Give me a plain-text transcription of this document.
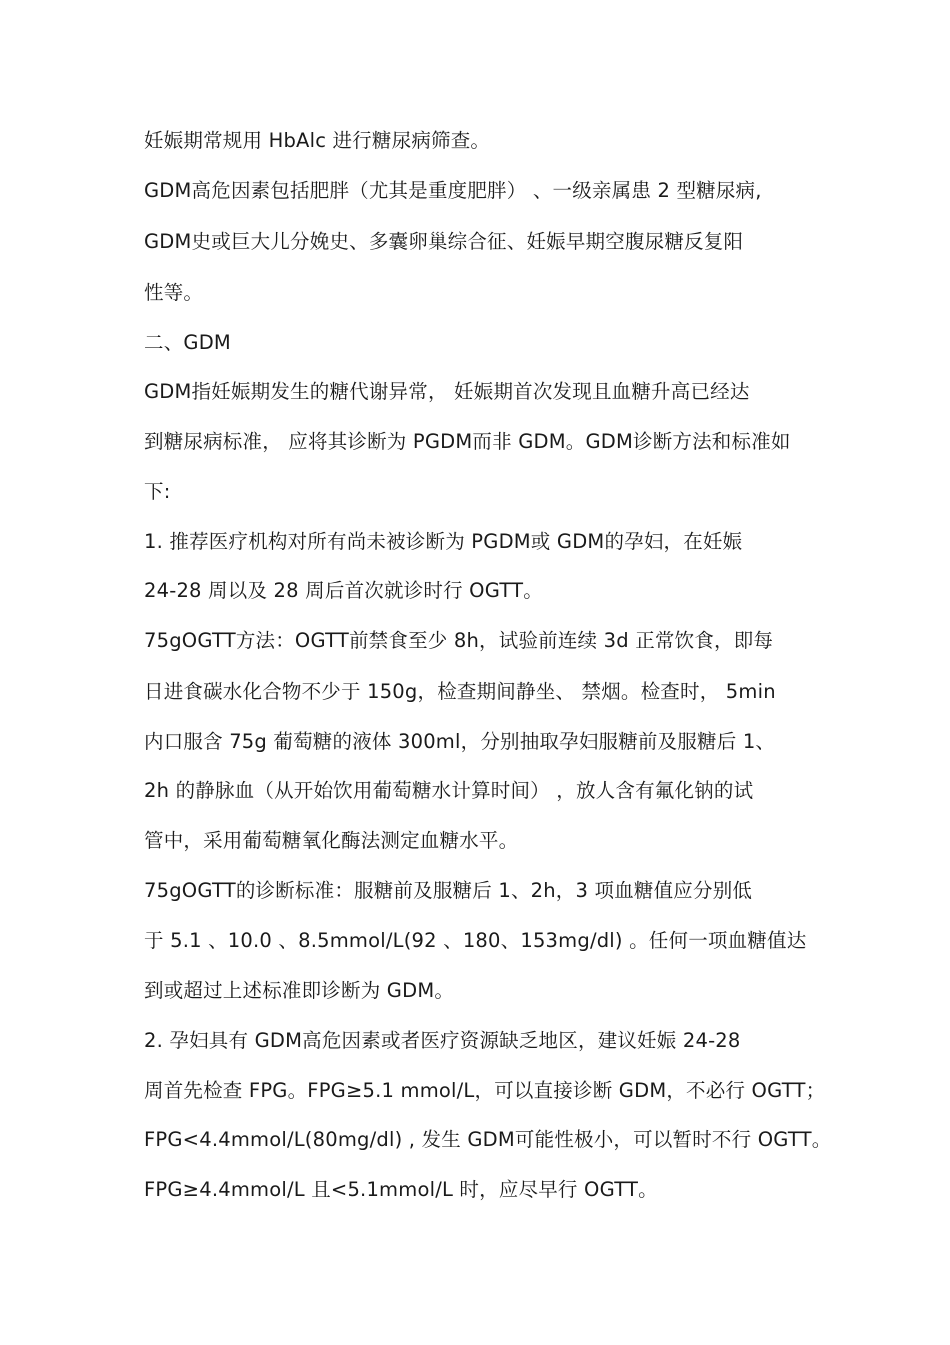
妊娠期常规用 HbAlc 进行糖尿病筛查。
GDM高危因素包括肥胖（尤其是重度肥胖） 、一级亲属患 2 型糖尿病,
GDM史或巨大儿分娩史、多囊卵巢综合征、妊娠早期空腹尿糖反复阳
性等。
二、GDM
GDM指妊娠期发生的糖代谢异常， 妊娠期首次发现且血糖升高已经达
到糖尿病标准， 应将其诊断为 PGDM而非 GDM。GDM诊断方法和标准如
下:
1. 推荐医疗机构对所有尚未被诊断为 PGDM或 GDM的孕妇，在妊娠
24-28 周以及 28 周后首次就诊时行 OGTT。
75gOGTT方法：OGTT前禁食至少 8h，试验前连续 3d 正常饮食，即每
日进食碳水化合物不少于 150g，检查期间静坐、 禁烟。检查时， 5min
内口服含 75g 葡萄糖的液体 300ml，分别抽取孕妇服糖前及服糖后 1、
2h 的静脉血（从开始饮用葡萄糖水计算时间） ，放人含有氟化钠的试
管中，采用葡萄糖氧化酶法测定血糖水平。
75gOGTT的诊断标准：服糖前及服糖后 1、2h，3 项血糖值应分别低
于 5.1 、10.0 、8.5mmol/L(92 、180、153mg/dl) 。任何一项血糖值达
到或超过上述标准即诊断为 GDM。
2. 孕妇具有 GDM高危因素或者医疗资源缺乏地区，建议妊娠 24-28
周首先检查 FPG。FPG≥5.1 mmol/L，可以直接诊断 GDM，不必行 OGTT；
FPG<4.4mmol/L(80mg/dl) , 发生 GDM可能性极小，可以暂时不行 OGTT。
FPG≥4.4mmol/L 且<5.1mmol/L 时，应尽早行 OGTT。
